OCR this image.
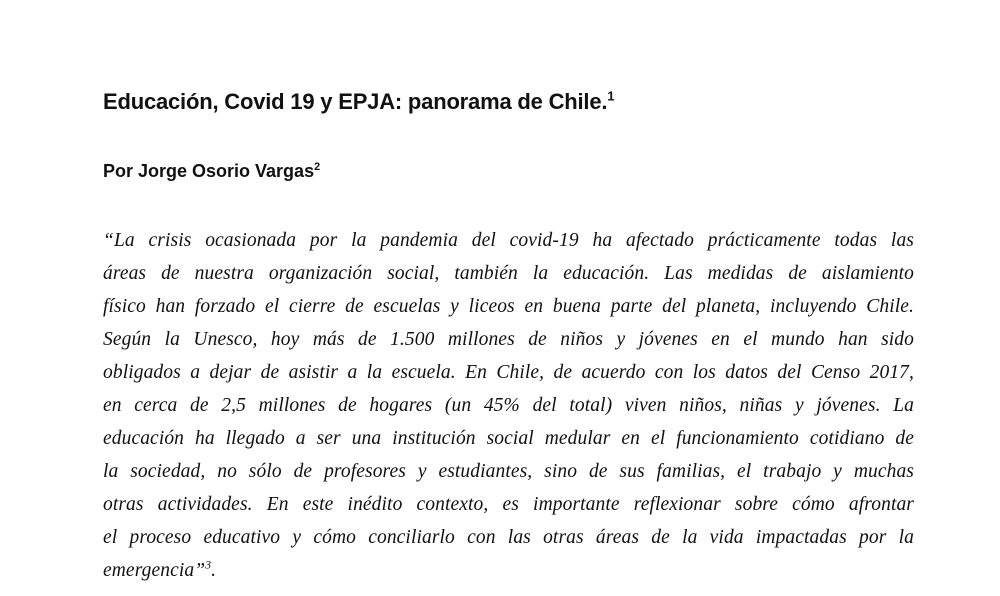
Educación, Covid 19 y EPJA: panorama de Chile.$^1$

Por Jorge Osorio Vargas$^2$

“La crisis ocasionada por la pandemia del covid-19 ha afectado prácticamente todas las
áreas de nuestra organización social, también la educación. Las medidas de aislamiento
físico han forzado el cierre de escuelas y liceos en buena parte del planeta, incluyendo Chile.
Según la Unesco, hoy más de 1.500 millones de niños y jóvenes en el mundo han sido
obligados a dejar de asistir a la escuela. En Chile, de acuerdo con los datos del Censo 2017,
en cerca de 2,5 millones de hogares (un 45% del total) viven niños, niñas y jóvenes. La
educación ha llegado a ser una institución social medular en el funcionamiento cotidiano de
la sociedad, no sólo de profesores y estudiantes, sino de sus familias, el trabajo y muchas
otras actividades. En este inédito contexto, es importante reflexionar sobre cómo afrontar
el proceso educativo y cómo conciliarlo con las otras áreas de la vida impactadas por la
emergencia”$^3$.
